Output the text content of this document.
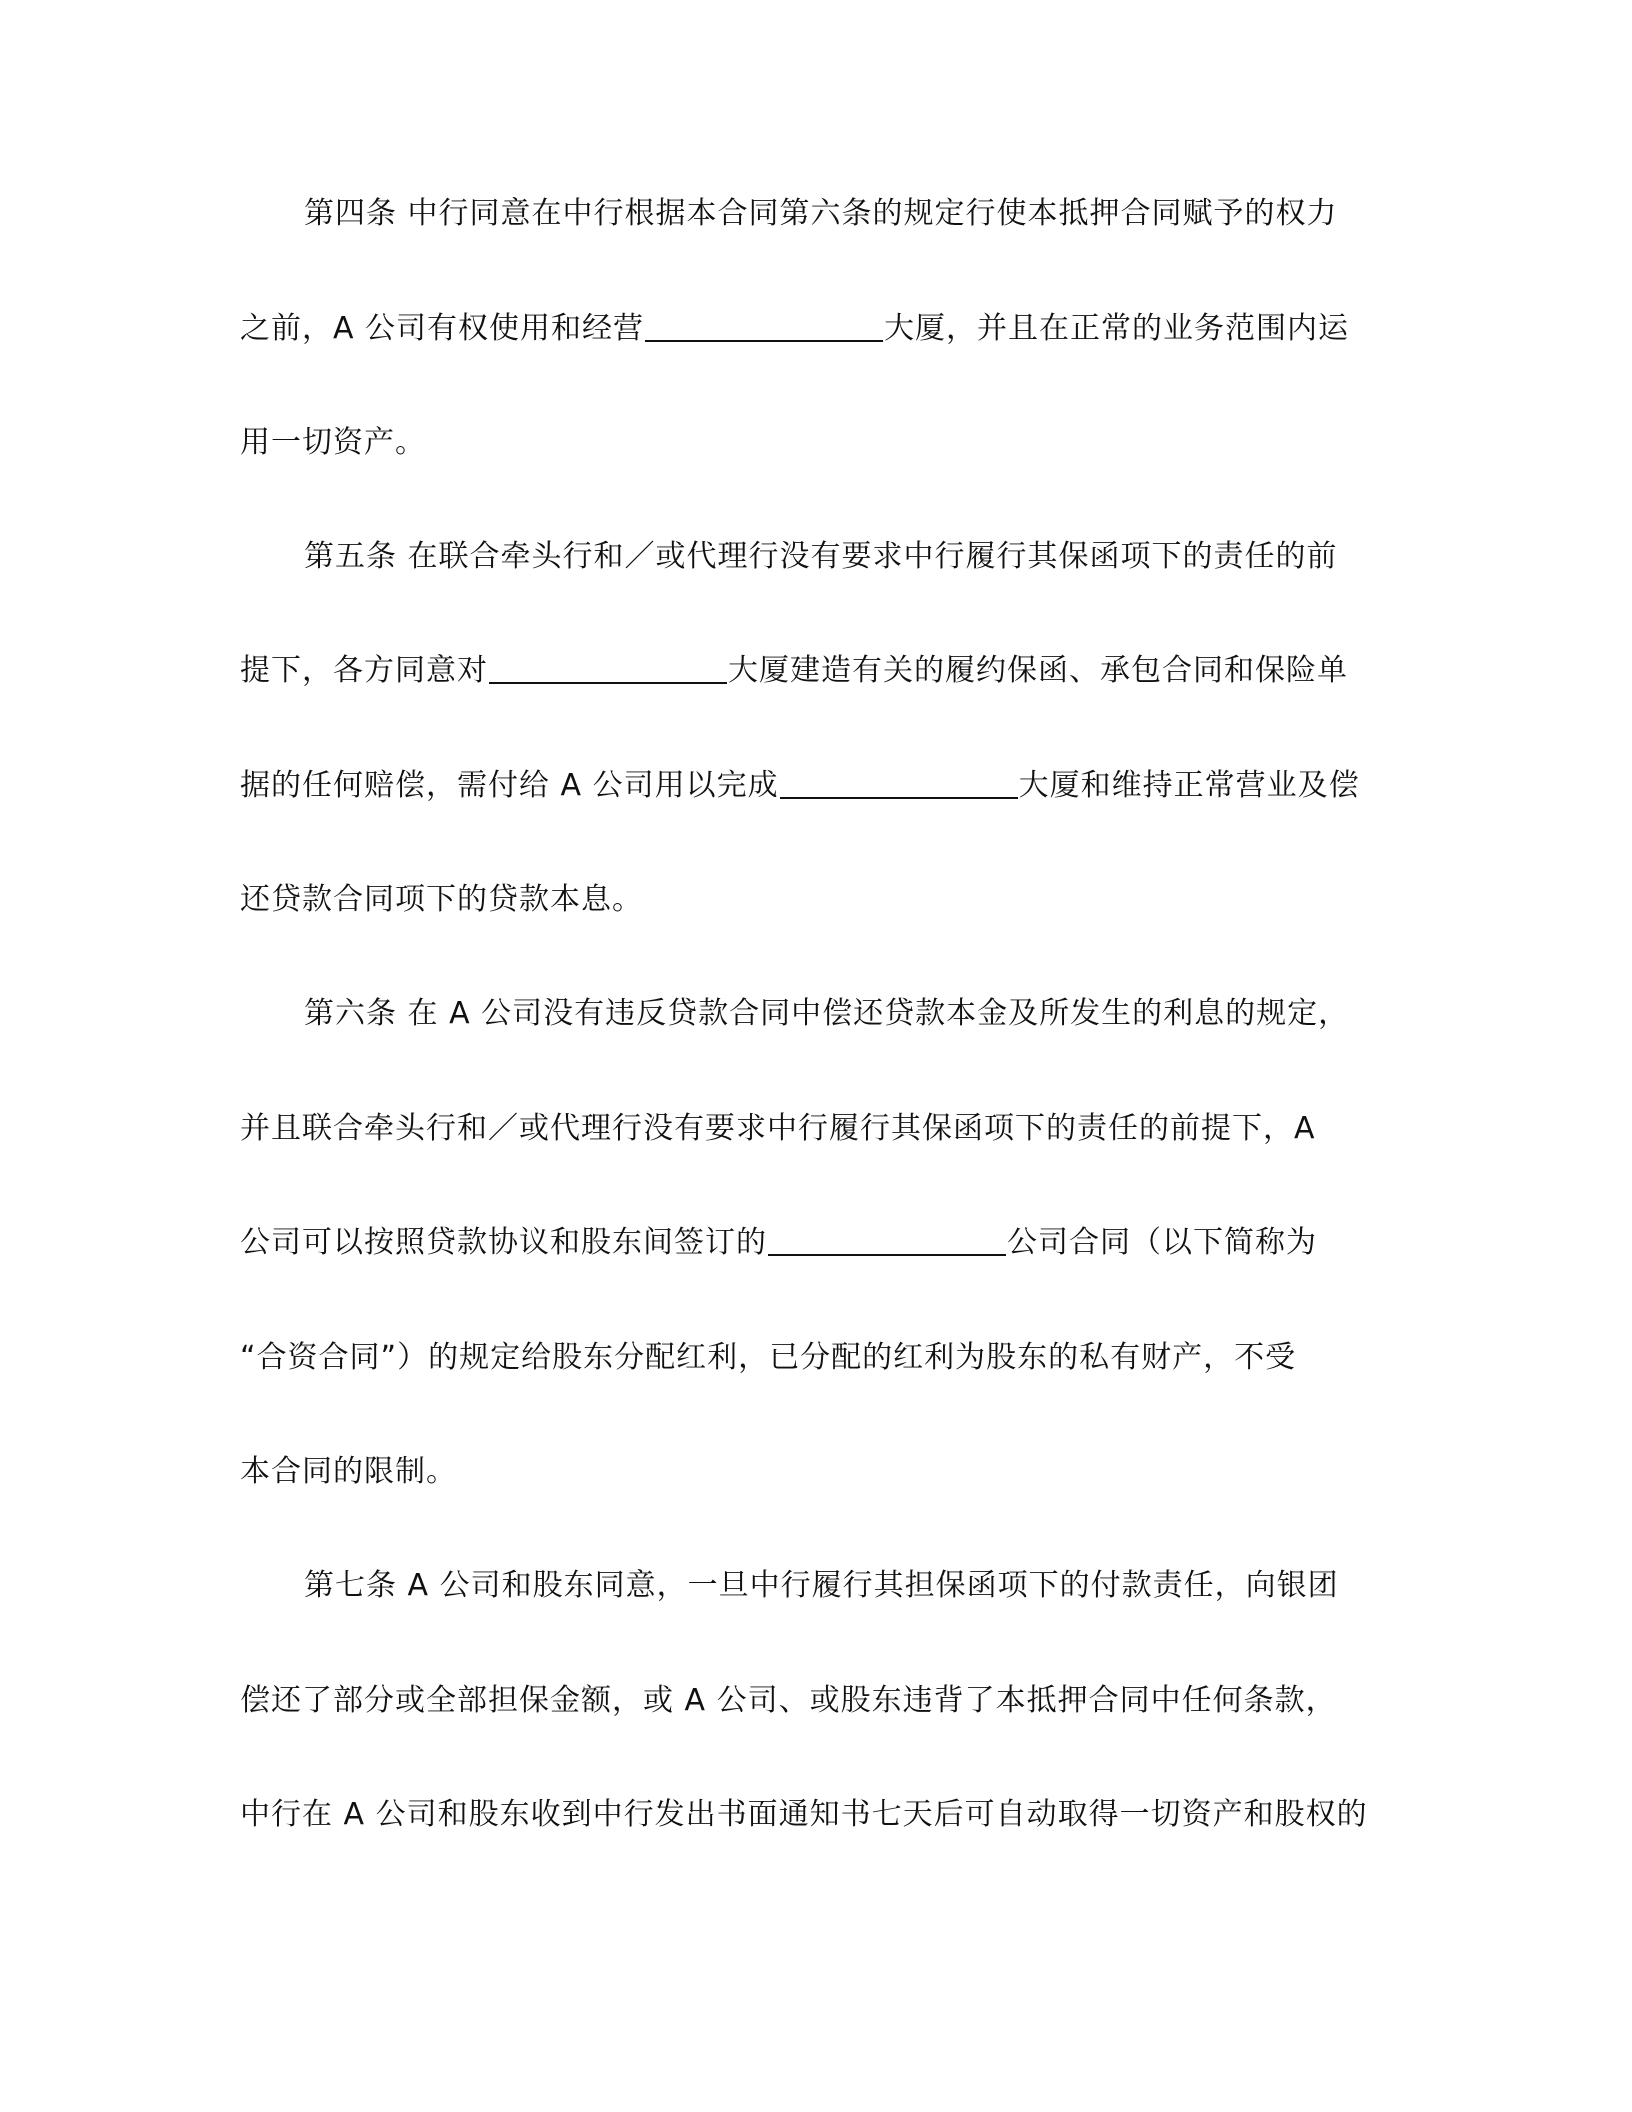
第四条 中行同意在中行根据本合同第六条的规定行使本抵押合同赋予的权力
之前，A 公司有权使用和经营	大厦，并且在正常的业务范围内运
用一切资产。
第五条 在联合牵头行和／或代理行没有要求中行履行其保函项下的责任的前
提下，各方同意对	大厦建造有关的履约保函、承包合同和保险单
据的任何赔偿，需付给 A 公司用以完成	大厦和维持正常营业及偿
还贷款合同项下的贷款本息。
第六条 在 A 公司没有违反贷款合同中偿还贷款本金及所发生的利息的规定，
并且联合牵头行和／或代理行没有要求中行履行其保函项下的责任的前提下，A
公司可以按照贷款协议和股东间签订的	公司合同（以下简称为
“合资合同”）的规定给股东分配红利，已分配的红利为股东的私有财产，不受
本合同的限制。
第七条 A 公司和股东同意，一旦中行履行其担保函项下的付款责任，向银团
偿还了部分或全部担保金额，或 A 公司、或股东违背了本抵押合同中任何条款，
中行在 A 公司和股东收到中行发出书面通知书七天后可自动取得一切资产和股权的
